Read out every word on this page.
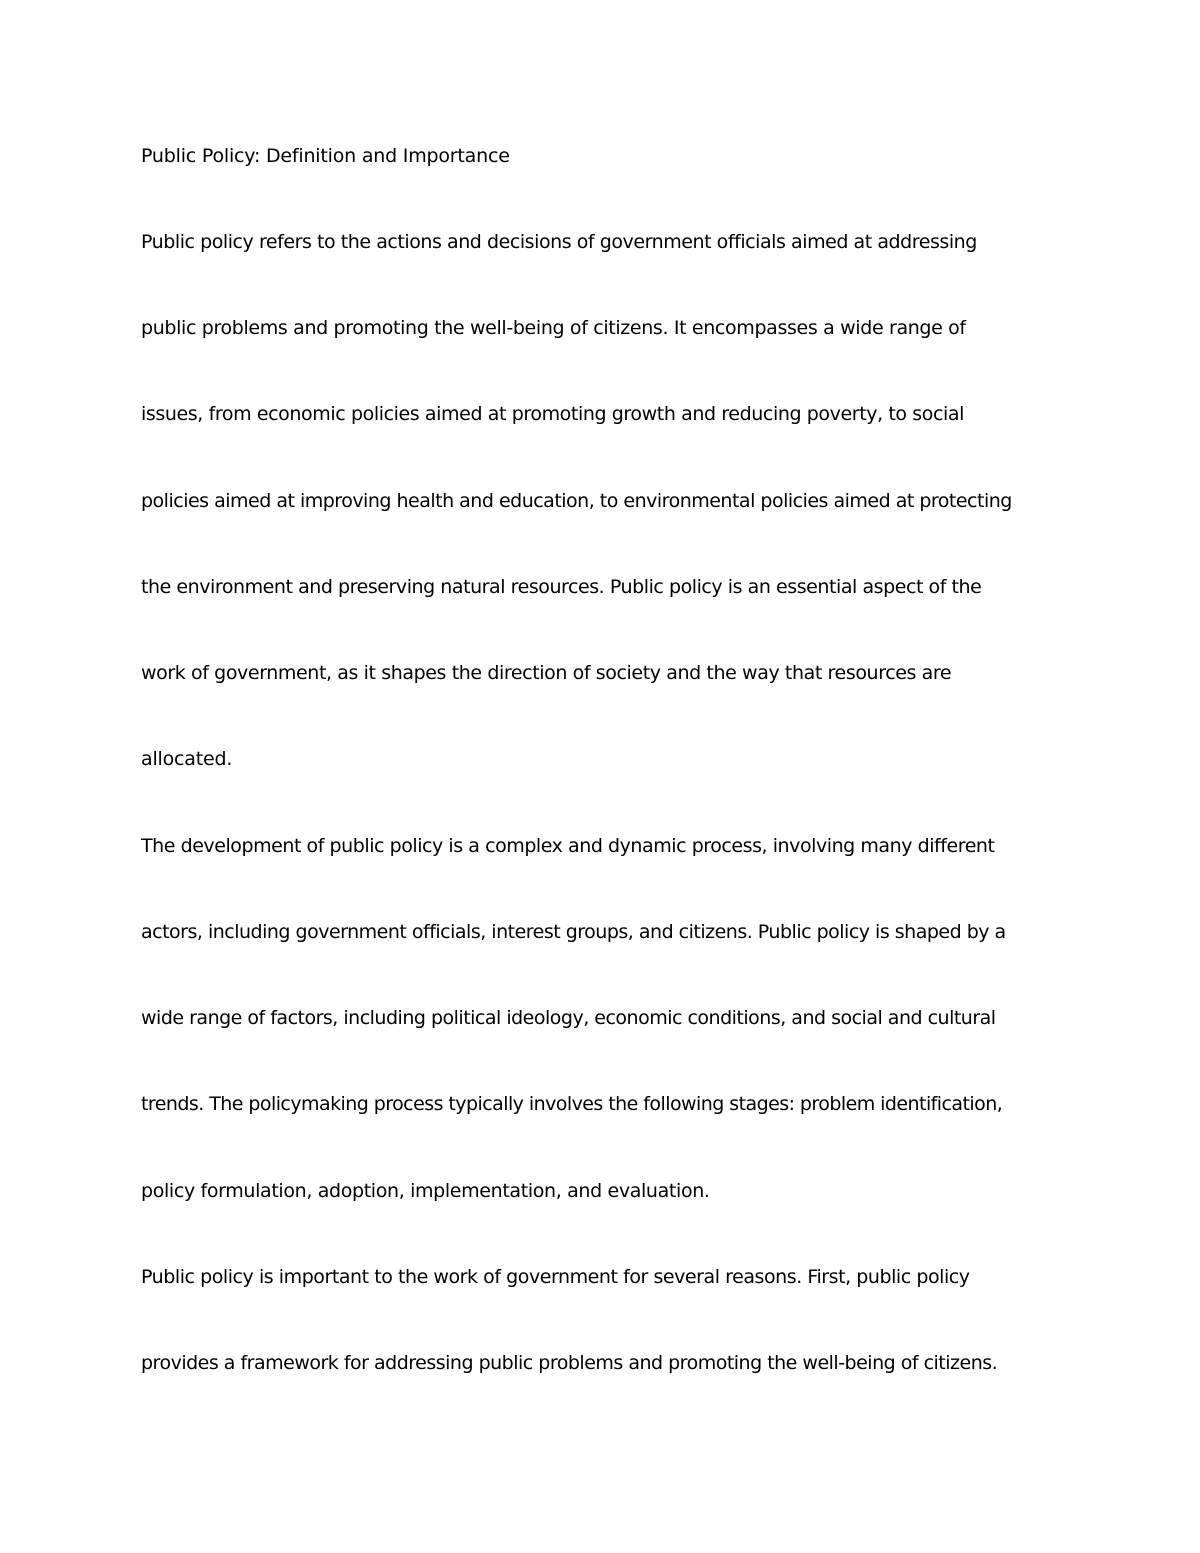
Public Policy: Definition and Importance

Public policy refers to the actions and decisions of government officials aimed at addressing

public problems and promoting the well-being of citizens. It encompasses a wide range of

issues, from economic policies aimed at promoting growth and reducing poverty, to social

policies aimed at improving health and education, to environmental policies aimed at protecting

the environment and preserving natural resources. Public policy is an essential aspect of the

work of government, as it shapes the direction of society and the way that resources are

allocated.

The development of public policy is a complex and dynamic process, involving many different

actors, including government officials, interest groups, and citizens. Public policy is shaped by a

wide range of factors, including political ideology, economic conditions, and social and cultural

trends. The policymaking process typically involves the following stages: problem identification,

policy formulation, adoption, implementation, and evaluation.

Public policy is important to the work of government for several reasons. First, public policy

provides a framework for addressing public problems and promoting the well-being of citizens.
